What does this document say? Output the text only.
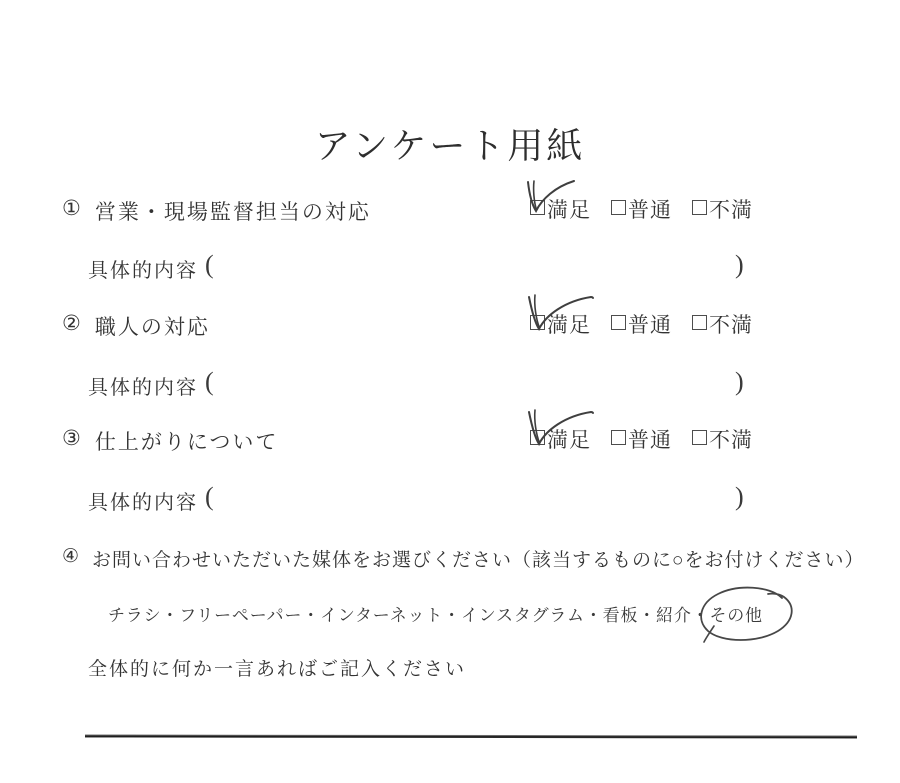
アンケート用紙
① 営業・現場監督担当の対応	満足 普通 不満
具体的内容 (	)
② 職人の対応	満足 普通 不満
具体的内容 (	)
③ 仕上がりについて	満足 普通 不満
具体的内容 (	)
④ お問い合わせいただいた媒体をお選びください（該当するものに○をお付けください）
チラシ・フリーペーパー・インターネット・インスタグラム・看板・紹介・その他
全体的に何か一言あればご記入ください
